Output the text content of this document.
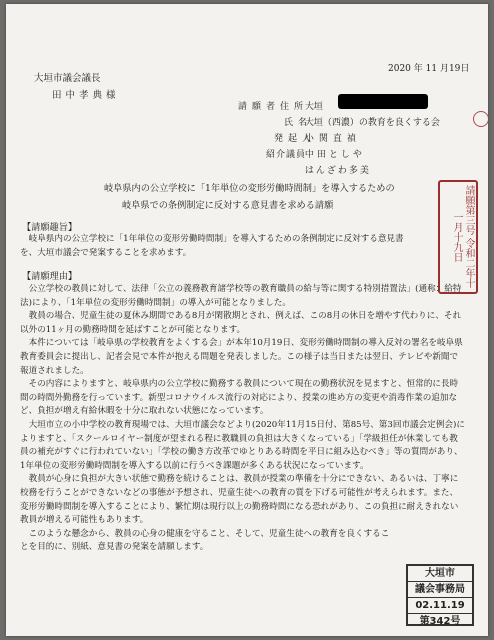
2020 年 11 月19日
大垣市議会議長
田中孝典様
請願者住所 大垣
氏名 大垣（西濃）の教育を良くする会
発起人 小関直禎
紹介議員 中田としや
はんざわ多美
岐阜県内の公立学校に「1年単位の変形労働時間制」を導入するための
岐阜県での条例制定に反対する意見書を求める請願	請願第三号 令和二年十一月十九日
【請願趣旨】

岐阜県内の公立学校に「1年単位の変形労働時間制」を導入するための条例制定に反対する意見書を、大垣市議会で発案することを求めます。

【請願理由】

公立学校の教員に対して、法律「公立の義務教育諸学校等の教育職員の給与等に関する特別措置法」(通称：給特法)により、「1年単位の変形労働時間制」の導入が可能となりました。
教員の場合、児童生徒の夏休み期間である8月が閑散期とされ、例えば、この8月の休日を増やす代わりに、それ以外の11ヶ月の勤務時間を延ばすことが可能となります。
本件については「岐阜県の学校教育をよくする会」が本年10月19日、変形労働時間制の導入反対の署名を岐阜県教育委員会に提出し、記者会見で本件が抱える問題を発表しました。この様子は当日または翌日、テレビや新聞で報道されました。
その内容によりますと、岐阜県内の公立学校に勤務する教員について現在の勤務状況を見ますと、恒常的に長時間の時間外勤務を行っています。新型コロナウイルス流行の対応により、授業の進め方の変更や消毒作業の追加など、負担が増え有給休暇を十分に取れない状態になっています。
大垣市立の小中学校の教育現場では、大垣市議会などより(2020年11月15日付、第85号、第3回市議会定例会)によりますと、「スクールロイヤー制度が望まれる程に教職員の負担は大きくなっている」「学級担任が休業しても教員の補充がすぐに行われていない」「学校の働き方改革でゆとりある時間を平日に組み込むべき」等の質問があり、1年単位の変形労働時間制を導入する以前に行うべき課題が多くある状況になっています。
教員が心身に負担が大きい状態で勤務を続けることは、教員が授業の準備を十分にできない、あるいは、丁寧に校務を行うことができないなどの事態が予想され、児童生徒への教育の質を下げる可能性が考えられます。また、変形労働時間制を導入することにより、繁忙期は現行以上の勤務時間になる恐れがあり、この負担に耐えきれない教員が増える可能性もあります。
このような懸念から、教員の心身の健康を守ること、そして、児童生徒への教育を良くすることを目的に、別紙、意見書の発案を請願します。

大垣市
議会事務局
02.11.19
第342号
